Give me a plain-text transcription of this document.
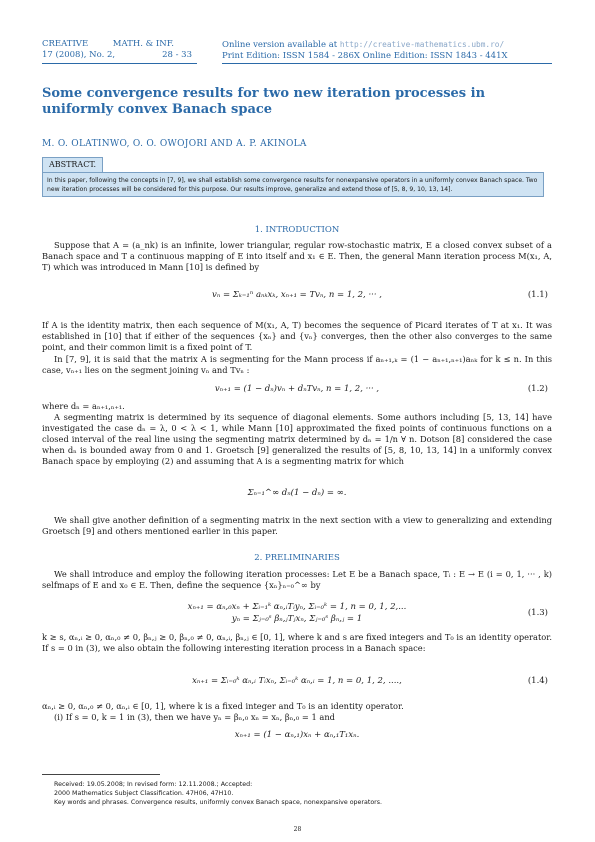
CREATIVE	MATH. & INF.
17 (2008), No. 2,	28 - 33
Online version available at http://creative-mathematics.ubm.ro/
Print Edition: ISSN 1584 - 286X Online Edition: ISSN 1843 - 441X
Some convergence results for two new iteration processes in uniformly convex Banach space
M. O. OLATINWO, O. O. OWOJORI AND A. P. AKINOLA
ABSTRACT.
In this paper, following the concepts in [7, 9], we shall establish some convergence results for nonexpansive operators in a uniformly convex Banach space. Two new iteration processes will be considered for this purpose. Our results improve, generalize and extend those of [5, 8, 9, 10, 13, 14].
1. INTRODUCTION
Suppose that A = (a_nk) is an infinite, lower triangular, regular row-stochastic matrix, E a closed convex subset of a Banach space and T a continuous mapping of E into itself and x₁ ∈ E. Then, the general Mann iteration process M(x₁, A, T) which was introduced in Mann [10] is defined by
vₙ = Σₖ₌₁ⁿ aₙₖxₖ, xₙ₊₁ = Tvₙ, n = 1, 2, ··· ,	(1.1)
If A is the identity matrix, then each sequence of M(x₁, A, T) becomes the sequence of Picard iterates of T at x₁. It was established in [10] that if either of the sequences {xₙ} and {vₙ} converges, then the other also converges to the same point, and their common limit is a fixed point of T.
In [7, 9], it is said that the matrix A is segmenting for the Mann process if aₙ₊₁,ₖ = (1 − aₙ₊₁,ₙ₊₁)aₙₖ for k ≤ n. In this case, vₙ₊₁ lies on the segment joining vₙ and Tvₙ :
vₙ₊₁ = (1 − dₙ)vₙ + dₙTvₙ, n = 1, 2, ··· ,	(1.2)
where dₙ = aₙ₊₁,ₙ₊₁.
A segmenting matrix is determined by its sequence of diagonal elements. Some authors including [5, 13, 14] have investigated the case dₙ = λ, 0 < λ < 1, while Mann [10] approximated the fixed points of continuous functions on a closed interval of the real line using the segmenting matrix determined by dₙ = 1/n ∀ n. Dotson [8] considered the case when dₙ is bounded away from 0 and 1. Groetsch [9] generalized the results of [5, 8, 10, 13, 14] in a uniformly convex Banach space by employing (2) and assuming that A is a segmenting matrix for which
Σₙ₌₁^∞ dₙ(1 − dₙ) = ∞.
We shall give another definition of a segmenting matrix in the next section with a view to generalizing and extending Groetsch [9] and others mentioned earlier in this paper.
2. PRELIMINARIES
We shall introduce and employ the following iteration processes: Let E be a Banach space, Tᵢ : E → E (i = 0, 1, ··· , k) selfmaps of E and x₀ ∈ E. Then, define the sequence {xₙ}ₙ₌₀^∞ by
xₙ₊₁ = αₙ,₀xₙ + Σᵢ₌₁ᵏ αₙ,ᵢTᵢyₙ, Σᵢ₌₀ᵏ = 1, n = 0, 1, 2,...
yₙ = Σⱼ₌₀ˢ βₙ,ⱼTⱼxₙ, Σⱼ₌₀ˢ βₙ,ⱼ = 1
(1.3)
k ≥ s, αₙ,ᵢ ≥ 0, αₙ,₀ ≠ 0, βₙ,ⱼ ≥ 0, βₙ,₀ ≠ 0, αₙ,ᵢ, βₙ,ⱼ ∈ [0, 1], where k and s are fixed integers and T₀ is an identity operator. If s = 0 in (3), we also obtain the following interesting iteration process in a Banach space:
xₙ₊₁ = Σᵢ₌₀ᵏ αₙ,ᵢ Tᵢxₙ, Σᵢ₌₀ᵏ αₙ,ᵢ = 1, n = 0, 1, 2, ....,	(1.4)
αₙ,ᵢ ≥ 0, αₙ,₀ ≠ 0, αₙ,ᵢ ∈ [0, 1], where k is a fixed integer and T₀ is an identity operator.
(i) If s = 0, k = 1 in (3), then we have yₙ = βₙ,₀ xₙ = xₙ, βₙ,₀ = 1 and
xₙ₊₁ = (1 − αₙ,₁)xₙ + αₙ,₁T₁xₙ.
Received: 19.05.2008; In revised form: 12.11.2008.; Accepted:
2000 Mathematics Subject Classification. 47H06, 47H10.
Key words and phrases. Convergence results, uniformly convex Banach space, nonexpansive operators.
28
